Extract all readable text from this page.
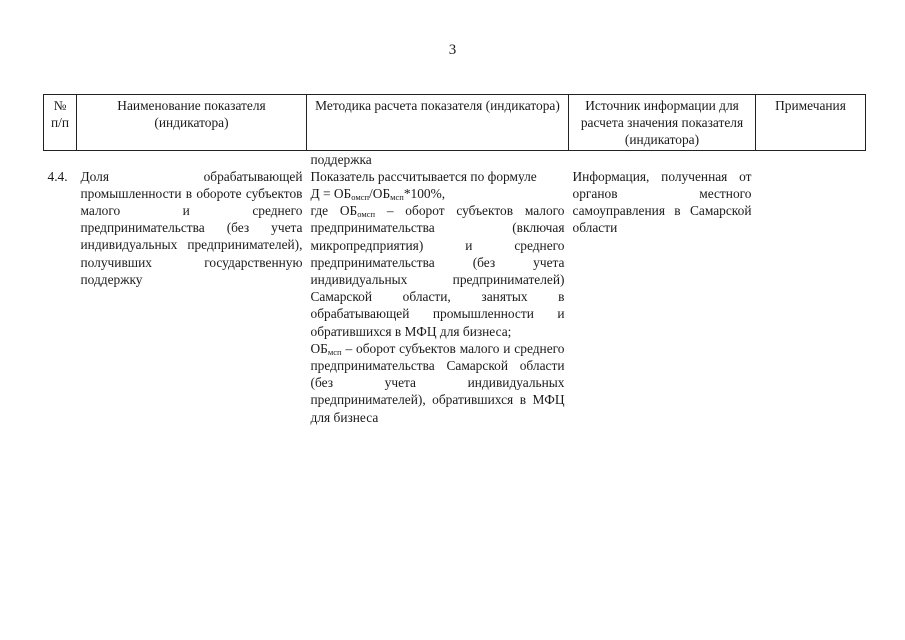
3
№ п/п	Наименование показателя (индикатора)	Методика расчета показателя (индикатора)	Источник информации для расчета значения показателя (индикатора)	Примечания
4.4.	Доля обрабатывающей промышленности в обороте субъектов малого и среднего предпринимательства (без учета индивидуальных предпринимателей), получивших государственную поддержку	поддержка
Показатель рассчитывается по формуле
$Д = ОБ_{омсп}/ОБ_{мсп}*100\%$,
где $ОБ_{омсп}$ – оборот субъектов малого предпринимательства (включая микропредприятия) и среднего предпринимательства (без учета индивидуальных предпринимателей) Самарской области, занятых в обрабатывающей промышленности и обратившихся в МФЦ для бизнеса;
$ОБ_{мсп}$ – оборот субъектов малого и среднего предпринимательства Самарской области (без учета индивидуальных предпринимателей), обратившихся в МФЦ для бизнеса	Информация, полученная от органов местного самоуправления в Самарской области	
